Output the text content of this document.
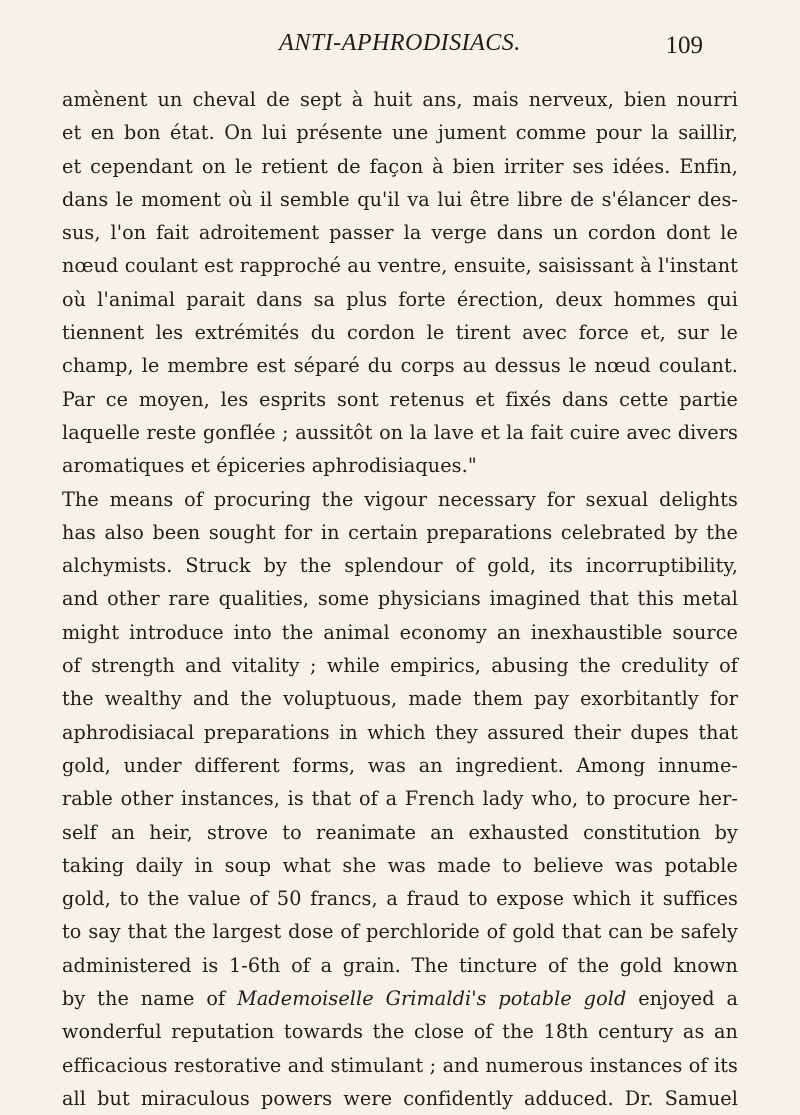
ANTI-APHRODISIACS.	109
amènent un cheval de sept à huit ans, mais nerveux, bien nourri
et en bon état. On lui présente une jument comme pour la saillir,
et cependant on le retient de façon à bien irriter ses idées. Enfin,
dans le moment où il semble qu'il va lui être libre de s'élancer des-
sus, l'on fait adroitement passer la verge dans un cordon dont le
nœud coulant est rapproché au ventre, ensuite, saisissant à l'instant
où l'animal parait dans sa plus forte érection, deux hommes qui
tiennent les extrémités du cordon le tirent avec force et, sur le
champ, le membre est séparé du corps au dessus le nœud coulant.
Par ce moyen, les esprits sont retenus et fixés dans cette partie
laquelle reste gonflée ; aussitôt on la lave et la fait cuire avec divers
aromatiques et épiceries aphrodisiaques."
The means of procuring the vigour necessary for sexual delights
has also been sought for in certain preparations celebrated by the
alchymists. Struck by the splendour of gold, its incorruptibility,
and other rare qualities, some physicians imagined that this metal
might introduce into the animal economy an inexhaustible source
of strength and vitality ; while empirics, abusing the credulity of
the wealthy and the voluptuous, made them pay exorbitantly for
aphrodisiacal preparations in which they assured their dupes that
gold, under different forms, was an ingredient. Among innume-
rable other instances, is that of a French lady who, to procure her-
self an heir, strove to reanimate an exhausted constitution by
taking daily in soup what she was made to believe was potable
gold, to the value of 50 francs, a fraud to expose which it suffices
to say that the largest dose of perchloride of gold that can be safely
administered is 1-6th of a grain. The tincture of the gold known
by the name of Mademoiselle Grimaldi's potable gold enjoyed a
wonderful reputation towards the close of the 18th century as an
efficacious restorative and stimulant ; and numerous instances of its
all but miraculous powers were confidently adduced. Dr. Samuel
